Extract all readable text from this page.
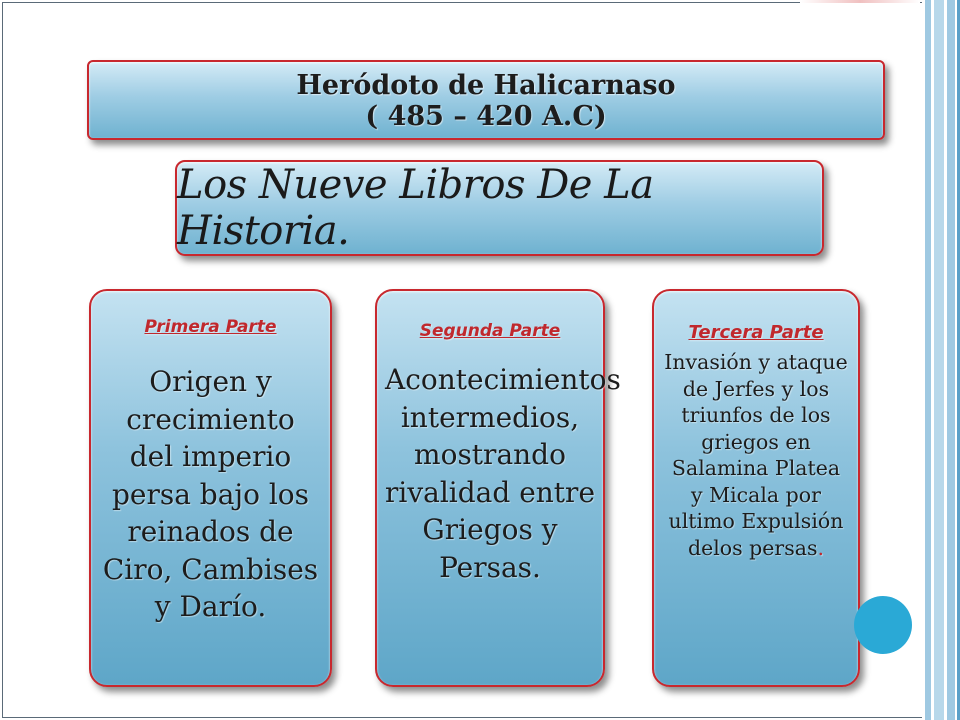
Heródoto de Halicarnaso
( 485 – 420 A.C)
Los Nueve Libros De La Historia.
Primera Parte
Origen y crecimiento del imperio persa bajo los reinados de Ciro, Cambises y Darío.
Segunda Parte
Acontecimientos intermedios, mostrando rivalidad entre Griegos y Persas.
Tercera Parte
Invasión y ataque de Jerfes y los triunfos de los griegos en Salamina Platea y Micala por ultimo Expulsión delos persas.
